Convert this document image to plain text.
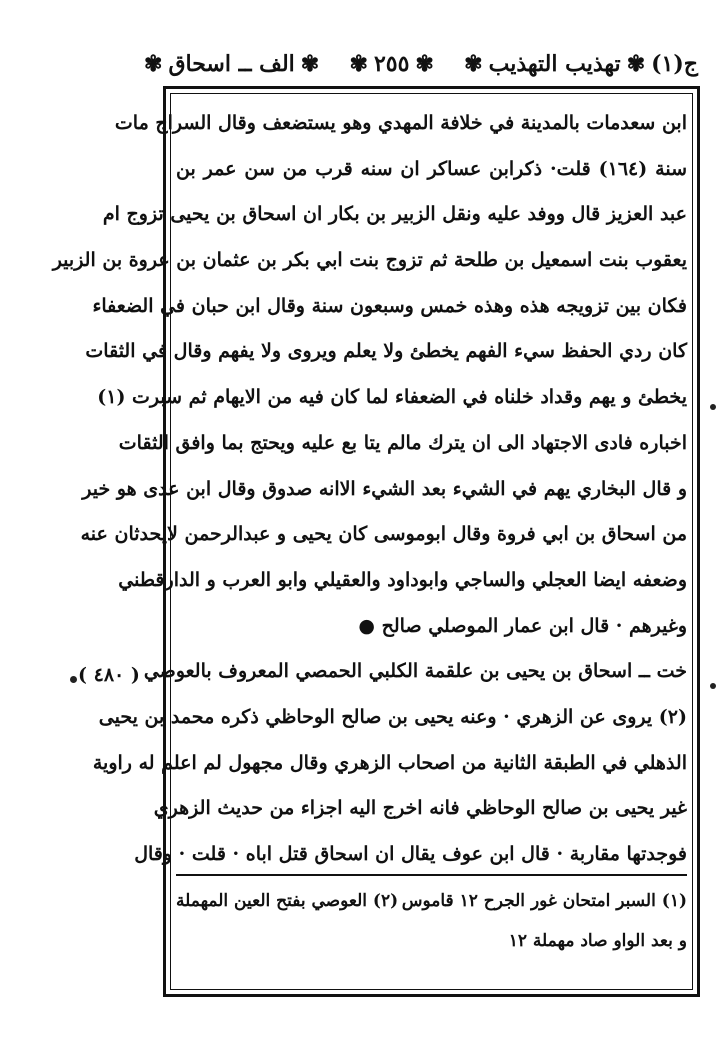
ج(١)
✾
تهذيب التهذيب
✾
✾
٢٥٥
✾
✾
الف ــ اسحاق
✾
( ٤٨٠ )
ابن سعدمات بالمدينة في خلافة المهدي وهو يستضعف وقال السراج مات
سنة (١٦٤) قلت· ذكرابن عساكر ان سنه قرب من سن عمر بن
عبد العزيز قال ووفد عليه ونقل الزبير بن بكار ان اسحاق بن يحيى تزوج ام
يعقوب بنت اسمعيل بن طلحة ثم تزوج بنت ابي بكر بن عثمان بن عروة بن الزبير
فكان بين تزويجه هذه وهذه خمس وسبعون سنة وقال ابن حبان في الضعفاء
كان ردي الحفظ سيء الفهم يخطئ ولا يعلم ويروى ولا يفهم وقال في الثقات
يخطئ و يهم وقداد خلناه في الضعفاء لما كان فيه من الايهام ثم سبرت (١)
اخباره فادى الاجتهاد الى ان يترك مالم يتا بع عليه ويحتج بما وافق الثقات
و قال البخاري يهم في الشيء بعد الشيء الاانه صدوق وقال ابن عدى هو خير
من اسحاق بن ابي فروة وقال ابوموسى كان يحيى و عبدالرحمن لايحدثان عنه
وضعفه ايضا العجلي والساجي وابوداود والعقيلي وابو العرب و الدارقطني
وغيرهم · قال ابن عمار الموصلي صالح ●
خت ــ اسحاق بن يحيى بن علقمة الكلبي الحمصي المعروف بالعوصي
(٢) يروى عن الزهري · وعنه يحيى بن صالح الوحاظي ذكره محمد بن يحيى
الذهلي في الطبقة الثانية من اصحاب الزهري وقال مجهول لم اعلم له راوية
غير يحيى بن صالح الوحاظي فانه اخرج اليه اجزاء من حديث الزهري
فوجدتها مقاربة · قال ابن عوف يقال ان اسحاق قتل اباه · قلت · وقال
(١) السبر امتحان غور الجرح ١٢ قاموس
(٢) العوصي بفتح العين المهملة
و بعد الواو صاد مهملة ١٢
